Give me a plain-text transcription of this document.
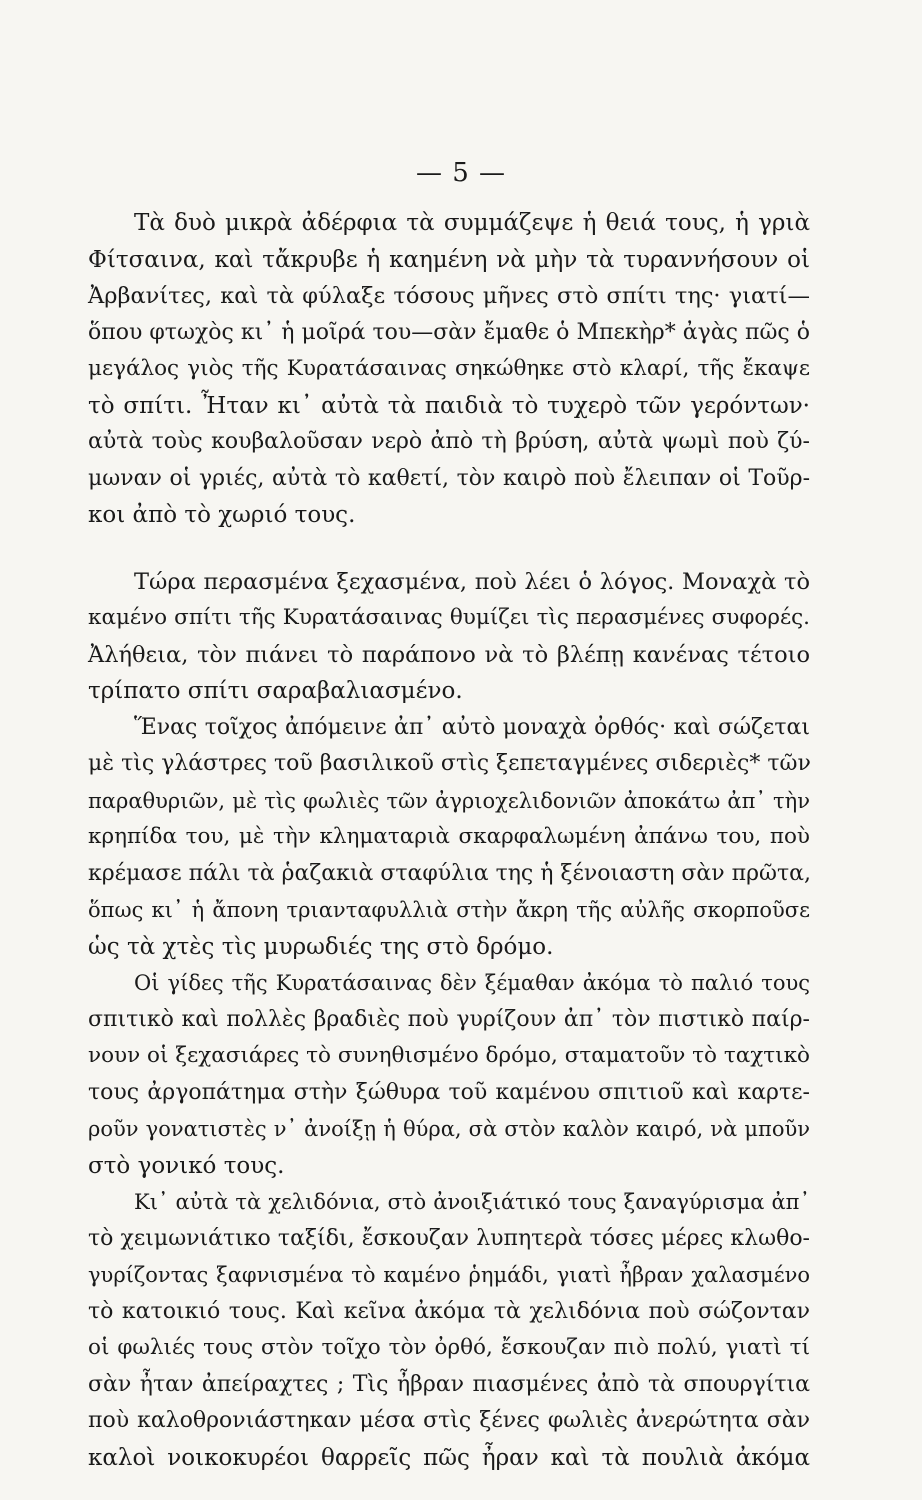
— 5 —
Τὰ δυὸ μικρὰ ἀδέρφια τὰ συμμάζεψε ἡ θειά τους, ἡ γριὰ
Φίτσαινα, καὶ τἄκρυβε ἡ καημένη νὰ μὴν τὰ τυραννήσουν οἱ
Ἀρβανίτες, καὶ τὰ φύλαξε τόσους μῆνες στὸ σπίτι της· γιατί—
ὅπου φτωχὸς κι᾽ ἡ μοῖρά του—σὰν ἔμαθε ὁ Μπεκὴρ* ἀγὰς πῶς ὁ
μεγάλος γιὸς τῆς Κυρατάσαινας σηκώθηκε στὸ κλαρί, τῆς ἔκαψε
τὸ σπίτι. Ἦταν κι᾽ αὐτὰ τὰ παιδιὰ τὸ τυχερὸ τῶν γερόντων·
αὐτὰ τοὺς κουβαλοῦσαν νερὸ ἀπὸ τὴ βρύση, αὐτὰ ψωμὶ ποὺ ζύ-
μωναν οἱ γριές, αὐτὰ τὸ καθετί, τὸν καιρὸ ποὺ ἔλειπαν οἱ Τοῦρ-
κοι ἀπὸ τὸ χωριό τους.
Τώρα περασμένα ξεχασμένα, ποὺ λέει ὁ λόγος. Μοναχὰ τὸ
καμένο σπίτι τῆς Κυρατάσαινας θυμίζει τὶς περασμένες συφορές.
Ἀλήθεια, τὸν πιάνει τὸ παράπονο νὰ τὸ βλέπῃ κανένας τέτοιο
τρίπατο σπίτι σαραβαλιασμένο.
Ἕνας τοῖχος ἀπόμεινε ἀπ᾽ αὐτὸ μοναχὰ ὀρθός· καὶ σώζεται
μὲ τὶς γλάστρες τοῦ βασιλικοῦ στὶς ξεπεταγμένες σιδεριὲς* τῶν
παραθυριῶν, μὲ τὶς φωλιὲς τῶν ἀγριοχελιδονιῶν ἀποκάτω ἀπ᾽ τὴν
κρηπίδα του, μὲ τὴν κληματαριὰ σκαρφαλωμένη ἀπάνω του, ποὺ
κρέμασε πάλι τὰ ῥαζακιὰ σταφύλια της ἡ ξένοιαστη σὰν πρῶτα,
ὅπως κι᾽ ἡ ἄπονη τριανταφυλλιὰ στὴν ἄκρη τῆς αὐλῆς σκορποῦσε
ὡς τὰ χτὲς τὶς μυρωδιές της στὸ δρόμο.
Οἱ γίδες τῆς Κυρατάσαινας δὲν ξέμαθαν ἀκόμα τὸ παλιό τους
σπιτικὸ καὶ πολλὲς βραδιὲς ποὺ γυρίζουν ἀπ᾽ τὸν πιστικὸ παίρ-
νουν οἱ ξεχασιάρες τὸ συνηθισμένο δρόμο, σταματοῦν τὸ ταχτικὸ
τους ἀργοπάτημα στὴν ξώθυρα τοῦ καμένου σπιτιοῦ καὶ καρτε-
ροῦν γονατιστὲς ν᾽ ἀνοίξῃ ἡ θύρα, σὰ στὸν καλὸν καιρό, νὰ μποῦν
στὸ γονικό τους.
Κι᾽ αὐτὰ τὰ χελιδόνια, στὸ ἀνοιξιάτικό τους ξαναγύρισμα ἀπ᾽
τὸ χειμωνιάτικο ταξίδι, ἔσκουζαν λυπητερὰ τόσες μέρες κλωθο-
γυρίζοντας ξαφνισμένα τὸ καμένο ῥημάδι, γιατὶ ἦβραν χαλασμένο
τὸ κατοικιό τους. Καὶ κεῖνα ἀκόμα τὰ χελιδόνια ποὺ σώζονταν
οἱ φωλιές τους στὸν τοῖχο τὸν ὀρθό, ἔσκουζαν πιὸ πολύ, γιατὶ τί
σὰν ἦταν ἀπείραχτες ; Τὶς ἦβραν πιασμένες ἀπὸ τὰ σπουργίτια
ποὺ καλοθρονιάστηκαν μέσα στὶς ξένες φωλιὲς ἀνερώτητα σὰν
καλοὶ νοικοκυρέοι θαρρεῖς πῶς ἦραν καὶ τὰ πουλιὰ ἀκόμα
